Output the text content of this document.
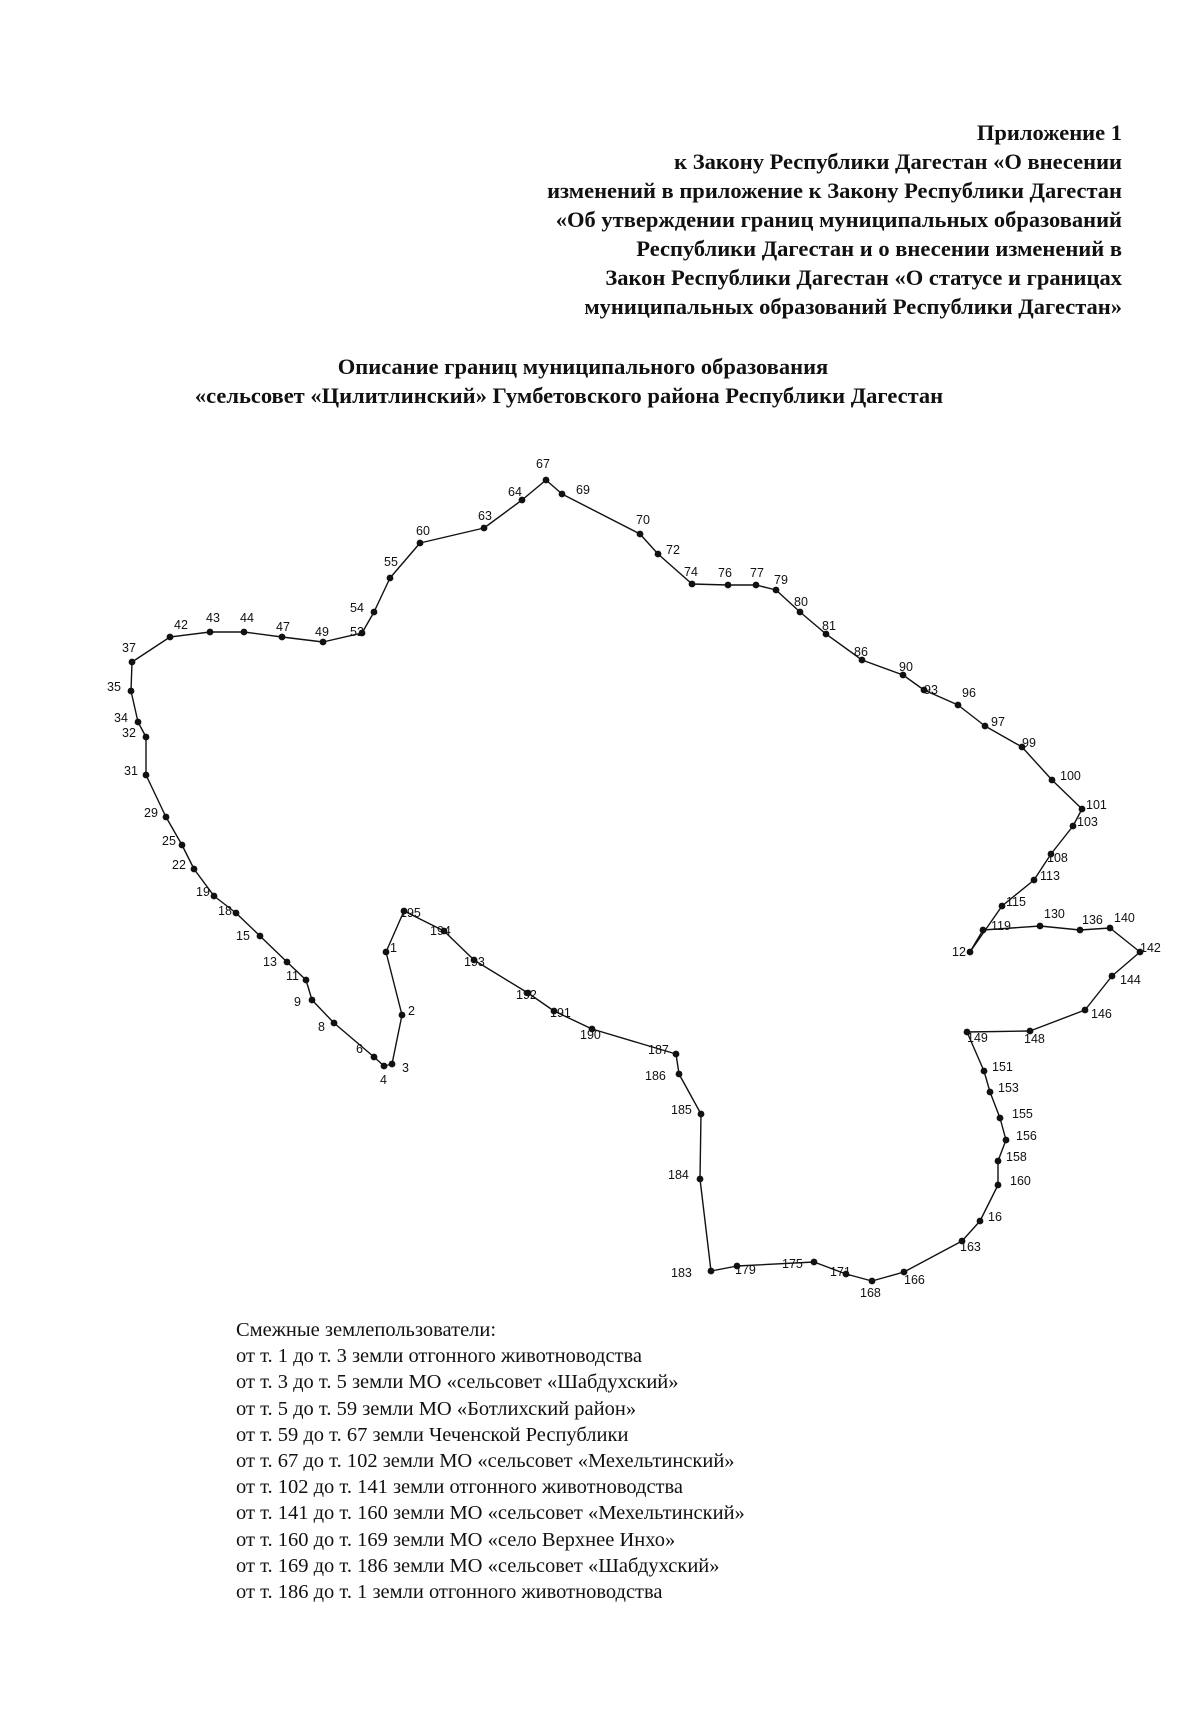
Приложение 1
к Закону Республики Дагестан «О внесении
изменений в приложение к Закону Республики Дагестан
«Об утверждении границ муниципальных образований
Республики Дагестан и о внесении изменений в
Закон Республики Дагестан «О статусе и границах
муниципальных образований Республики Дагестан»
Описание границ муниципального образования
«сельсовет «Цилитлинский» Гумбетовского района Республики Дагестан
1
2
3
4
6
8
9
11
13
15
18
19
22
25
29
31
32
34
35
37
42 43 44
47 49 52
54
55
60
63
64
67
69
70
72
74 76 77 79
80
81
86
90
93 96
97
99
100
101
103
108
113
115
12
119
130 136 140
142
144
146
148
149
151
153
155
156
158
160
16
163
166
168
171
175
179
183
184
185
186
187
190
191
192
193
194
195
Смежные землепользователи:
от т. 1 до т. 3 земли отгонного животноводства
от т. 3 до т. 5 земли МО «сельсовет «Шабдухский»
от т. 5 до т. 59 земли МО «Ботлихский район»
от т. 59 до т. 67 земли Чеченской Республики
от т. 67 до т. 102 земли МО «сельсовет «Мехельтинский»
от т. 102 до т. 141 земли отгонного животноводства
от т. 141 до т. 160 земли МО «сельсовет «Мехельтинский»
от т. 160 до т. 169 земли МО «село Верхнее Инхо»
от т. 169 до т. 186 земли МО «сельсовет «Шабдухский»
от т. 186 до т. 1 земли отгонного животноводства
